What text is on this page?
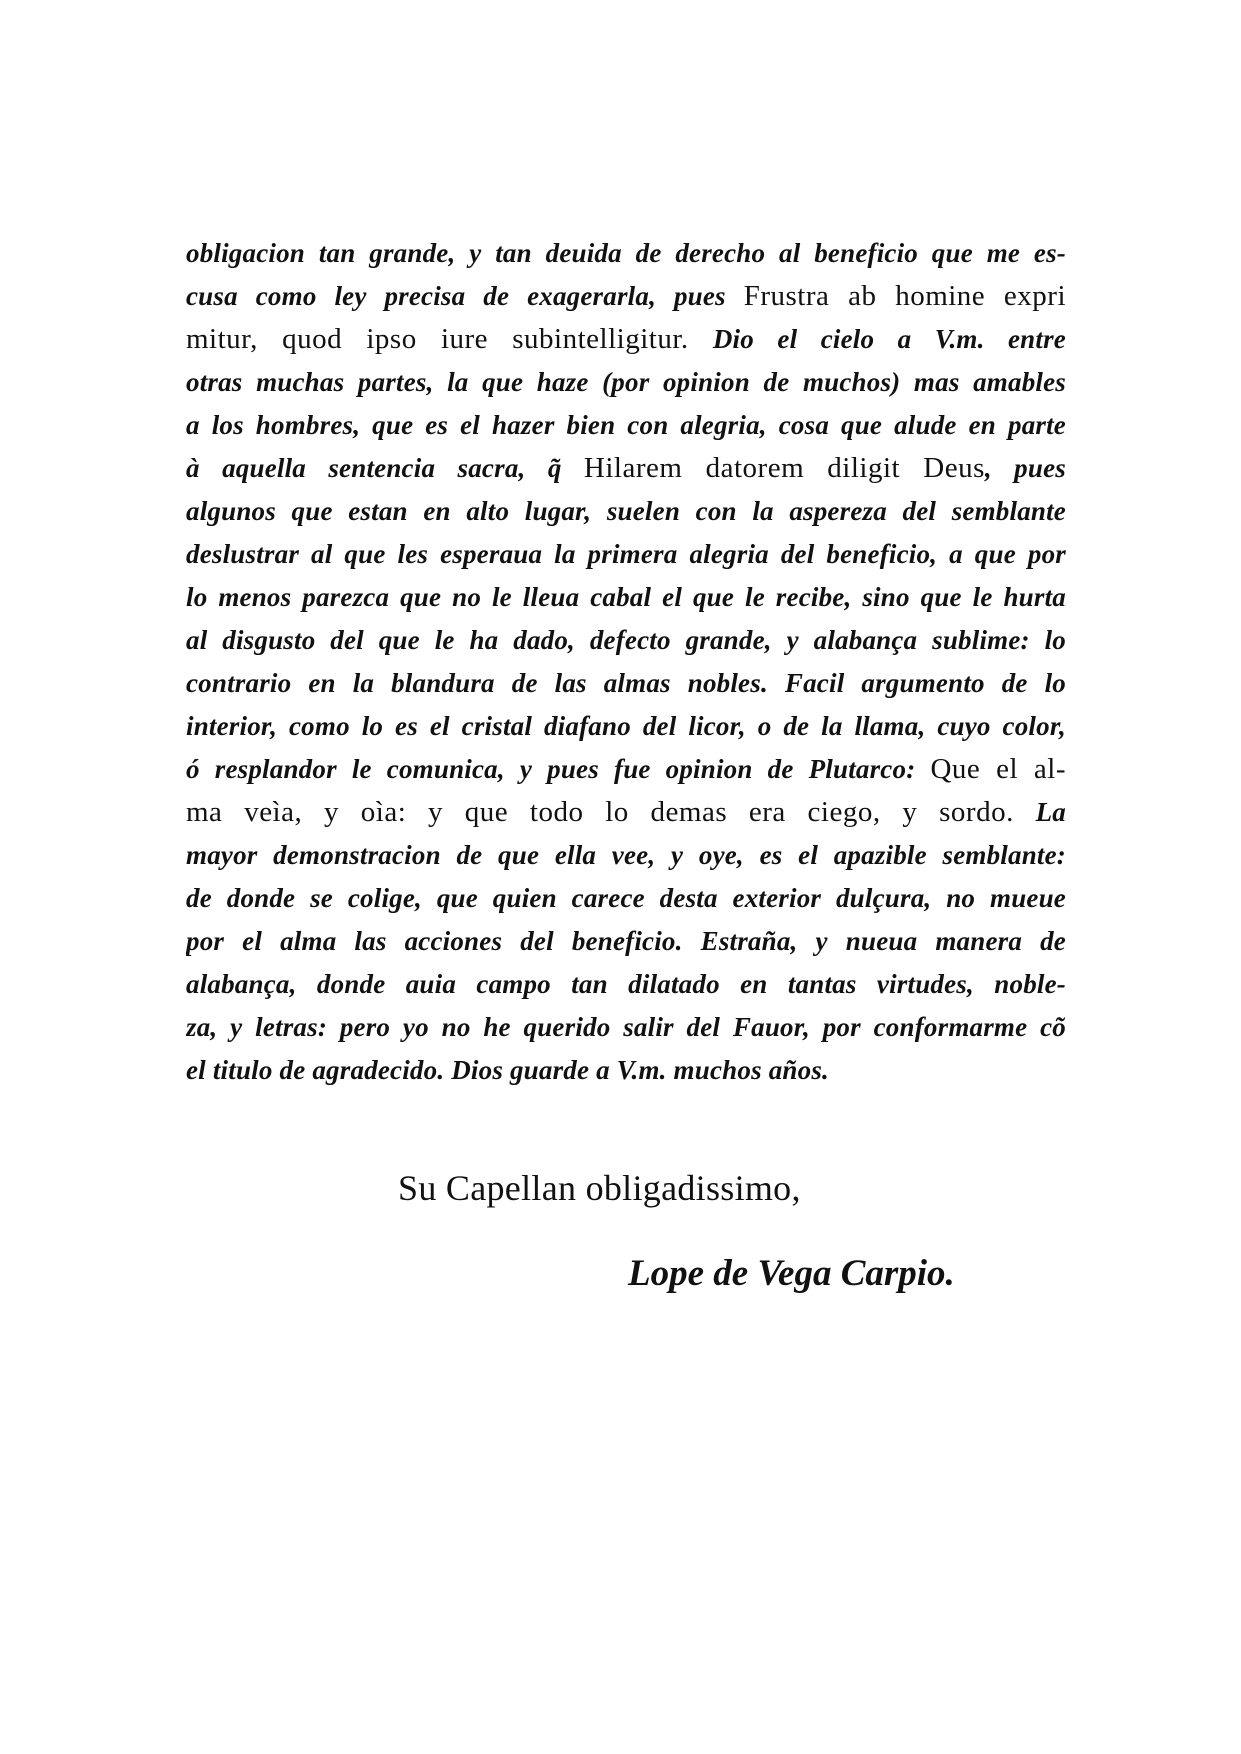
obligacion tan grande, y tan deuida de derecho al beneficio que me es-
cusa como ley precisa de exagerarla, pues Frustra ab homine expri
mitur, quod ipso iure subintelligitur. Dio el cielo a V.m. entre
otras muchas partes, la que haze (por opinion de muchos) mas amables
a los hombres, que es el hazer bien con alegria, cosa que alude en parte
à aquella sentencia sacra, q̃ Hilarem datorem diligit Deus, pues
algunos que estan en alto lugar, suelen con la aspereza del semblante
deslustrar al que les esperaua la primera alegria del beneficio, a que por
lo menos parezca que no le lleua cabal el que le recibe, sino que le hurta
al disgusto del que le ha dado, defecto grande, y alabança sublime: lo
contrario en la blandura de las almas nobles. Facil argumento de lo
interior, como lo es el cristal diafano del licor, o de la llama, cuyo color,
ó resplandor le comunica, y pues fue opinion de Plutarco: Que el al-
ma veìa, y oìa: y que todo lo demas era ciego, y sordo. La
mayor demonstracion de que ella vee, y oye, es el apazible semblante:
de donde se colige, que quien carece desta exterior dulçura, no mueue
por el alma las acciones del beneficio. Estraña, y nueua manera de
alabança, donde auia campo tan dilatado en tantas virtudes, noble-
za, y letras: pero yo no he querido salir del Fauor, por conformarme cõ
el titulo de agradecido. Dios guarde a V.m. muchos años.

Su Capellan obligadissimo,

Lope de Vega Carpio.
